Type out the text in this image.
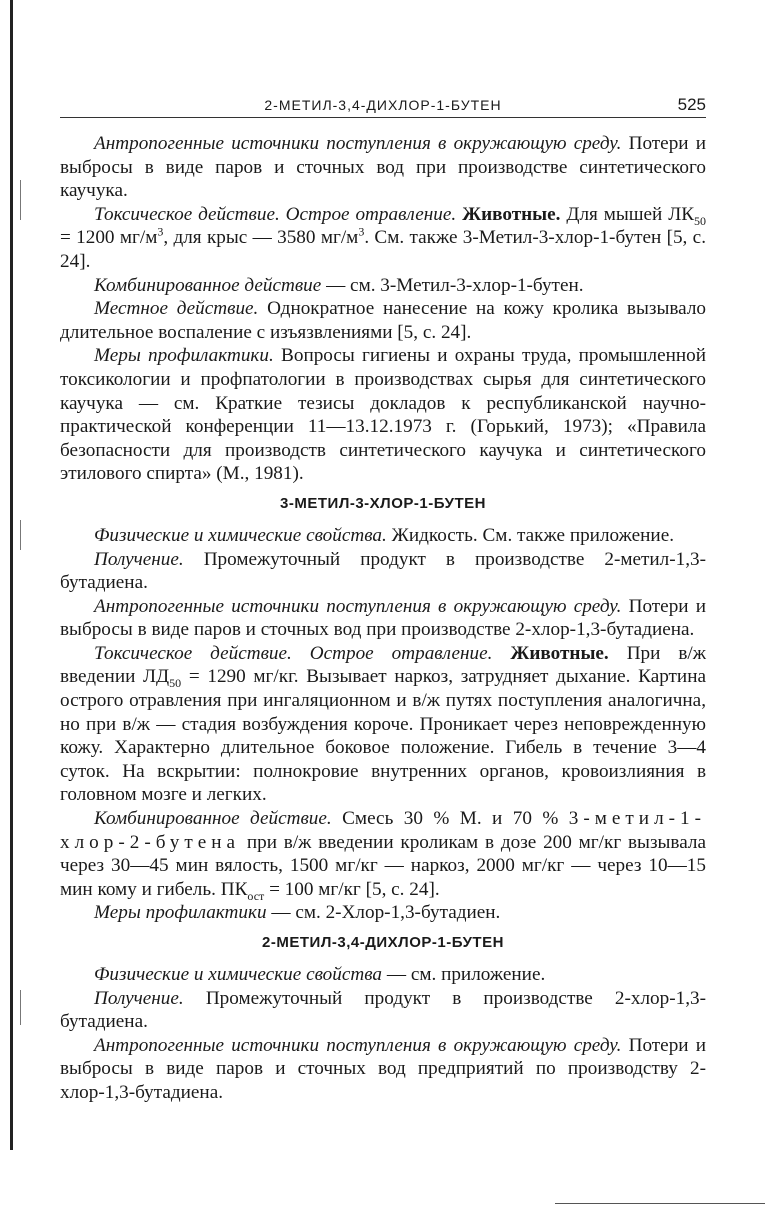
2-МЕТИЛ-3,4-ДИХЛОР-1-БУТЕН	525

Антропогенные источники поступления в окружающую среду. Потери и выбросы в виде паров и сточных вод при производстве синтетического каучука.

Токсическое действие. Острое отравление. Животные. Для мышей $ЛК_{50} = 1200$ $мг/м^3$, для крыс — 3580 $мг/м^3$. См. также 3-Метил-3-хлор-1-бутен [5, с. 24].

Комбинированное действие — см. 3-Метил-3-хлор-1-бутен.

Местное действие. Однократное нанесение на кожу кролика вызывало длительное воспаление с изъязвлениями [5, с. 24].

Меры профилактики. Вопросы гигиены и охраны труда, промышленной токсикологии и профпатологии в производствах сырья для синтетического каучука — см. Краткие тезисы докладов к республиканской научно-практической конференции 11—13.12.1973 г. (Горький, 1973); «Правила безопасности для производств синтетического каучука и синтетического этилового спирта» (М., 1981).

3-МЕТИЛ-3-ХЛОР-1-БУТЕН

Физические и химические свойства. Жидкость. См. также приложение.

Получение. Промежуточный продукт в производстве 2-метил-1,3-бутадиена.

Антропогенные источники поступления в окружающую среду. Потери и выбросы в виде паров и сточных вод при производстве 2-хлор-1,3-бутадиена.

Токсическое действие. Острое отравление. Животные. При в/ж введении $ЛД_{50} = 1290$ мг/кг. Вызывает наркоз, затрудняет дыхание. Картина острого отравления при ингаляционном и в/ж путях поступления аналогична, но при в/ж — стадия возбуждения короче. Проникает через неповрежденную кожу. Характерно длительное боковое положение. Гибель в течение 3—4 суток. На вскрытии: полнокровие внутренних органов, кровоизлияния в головном мозге и легких.

Комбинированное действие. Смесь 30 % М. и 70 % 3-метил-1-хлор-2-бутена при в/ж введении кроликам в дозе 200 мг/кг вызывала через 30—45 мин вялость, 1500 мг/кг — наркоз, 2000 мг/кг — через 10—15 мин кому и гибель. $ПК_{ост} = 100$ мг/кг [5, с. 24].

Меры профилактики — см. 2-Хлор-1,3-бутадиен.

2-МЕТИЛ-3,4-ДИХЛОР-1-БУТЕН

Физические и химические свойства — см. приложение.

Получение. Промежуточный продукт в производстве 2-хлор-1,3-бутадиена.

Антропогенные источники поступления в окружающую среду. Потери и выбросы в виде паров и сточных вод предприятий по производству 2-хлор-1,3-бутадиена.
